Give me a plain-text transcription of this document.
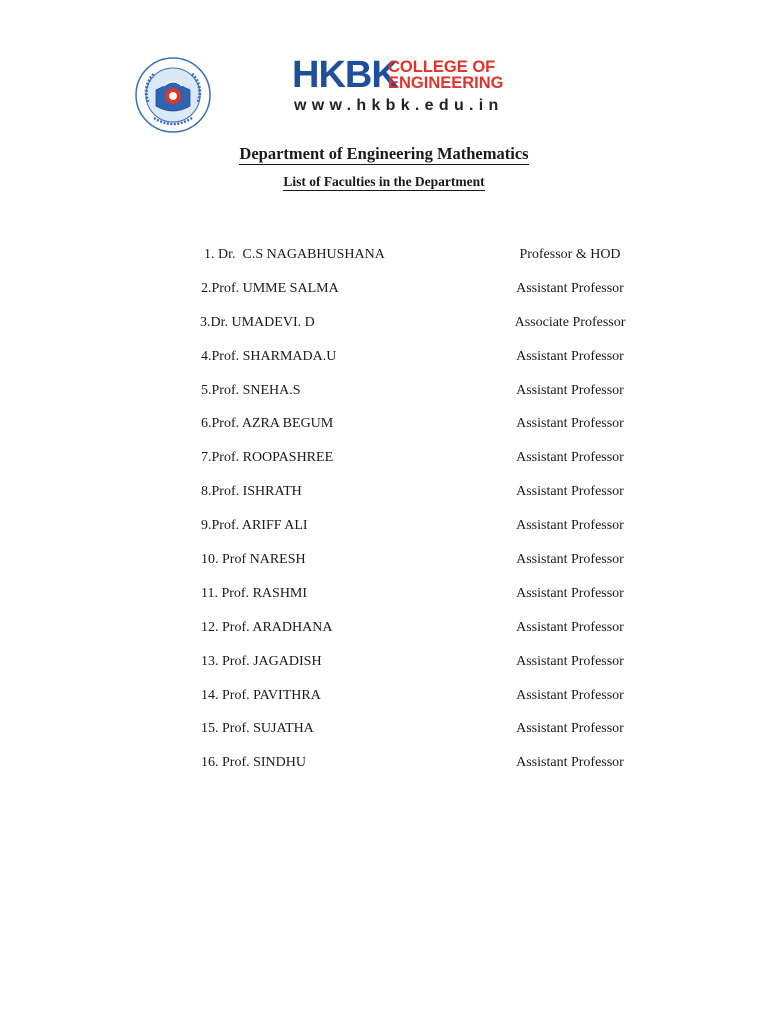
HKBK
COLLEGE OF
ENGINEERING
www.hkbk.edu.in
Department of Engineering Mathematics
List of Faculties in the Department
1. Dr.  C.S NAGABHUSHANA	Professor & HOD
2.Prof. UMME SALMA	Assistant Professor
3.Dr. UMADEVI. D	Associate Professor
4.Prof. SHARMADA.U	Assistant Professor
5.Prof. SNEHA.S	Assistant Professor
6.Prof. AZRA BEGUM	Assistant Professor
7.Prof. ROOPASHREE	Assistant Professor
8.Prof. ISHRATH	Assistant Professor
9.Prof. ARIFF ALI	Assistant Professor
10. Prof NARESH	Assistant Professor
11. Prof. RASHMI	Assistant Professor
12. Prof. ARADHANA	Assistant Professor
13. Prof. JAGADISH	Assistant Professor
14. Prof. PAVITHRA	Assistant Professor
15. Prof. SUJATHA	Assistant Professor
16. Prof. SINDHU	Assistant Professor
